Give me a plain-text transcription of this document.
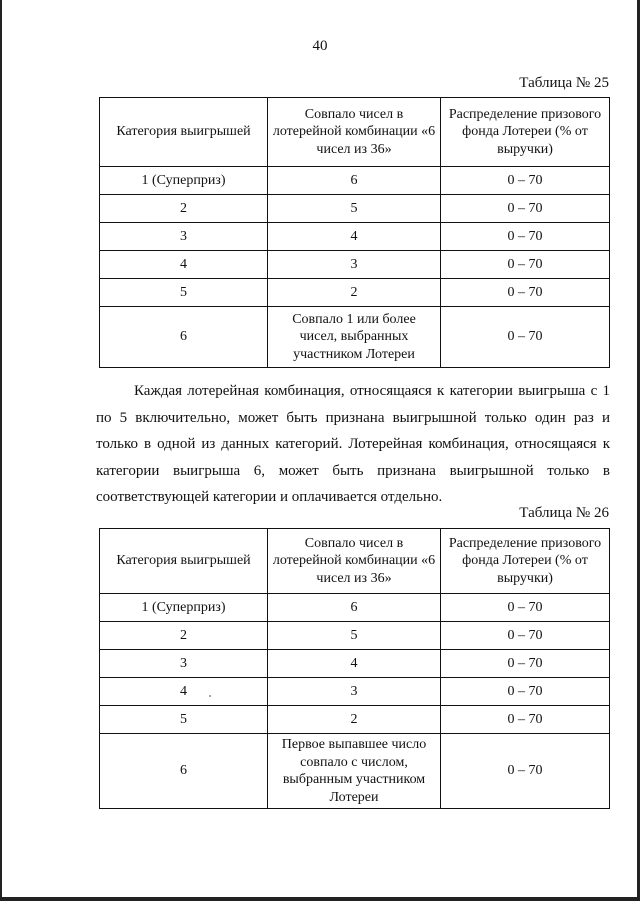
40
Таблица № 25
Категория выигрышей	Совпало чисел в лотерейной комбинации «6 чисел из 36»	Распределение призового фонда Лотереи (% от выручки)
1 (Суперприз)	6	0 – 70
2	5	0 – 70
3	4	0 – 70
4	3	0 – 70
5	2	0 – 70
6	Совпало 1 или более чисел, выбранных участником Лотереи	0 – 70

Каждая лотерейная комбинация, относящаяся к категории выигрыша с 1 по 5 включительно, может быть признана выигрышной только один раз и только в одной из данных категорий. Лотерейная комбинация, относящаяся к категории выигрыша 6, может быть признана выигрышной только в соответствующей категории и оплачивается отдельно.

Таблица № 26
Категория выигрышей	Совпало чисел в лотерейной комбинации «6 чисел из 36»	Распределение призового фонда Лотереи (% от выручки)
1 (Суперприз)	6	0 – 70
2	5	0 – 70
3	4	0 – 70
4	3	0 – 70
5	2	0 – 70
6	Первое выпавшее число совпало с числом, выбранным участником Лотереи	0 – 70
